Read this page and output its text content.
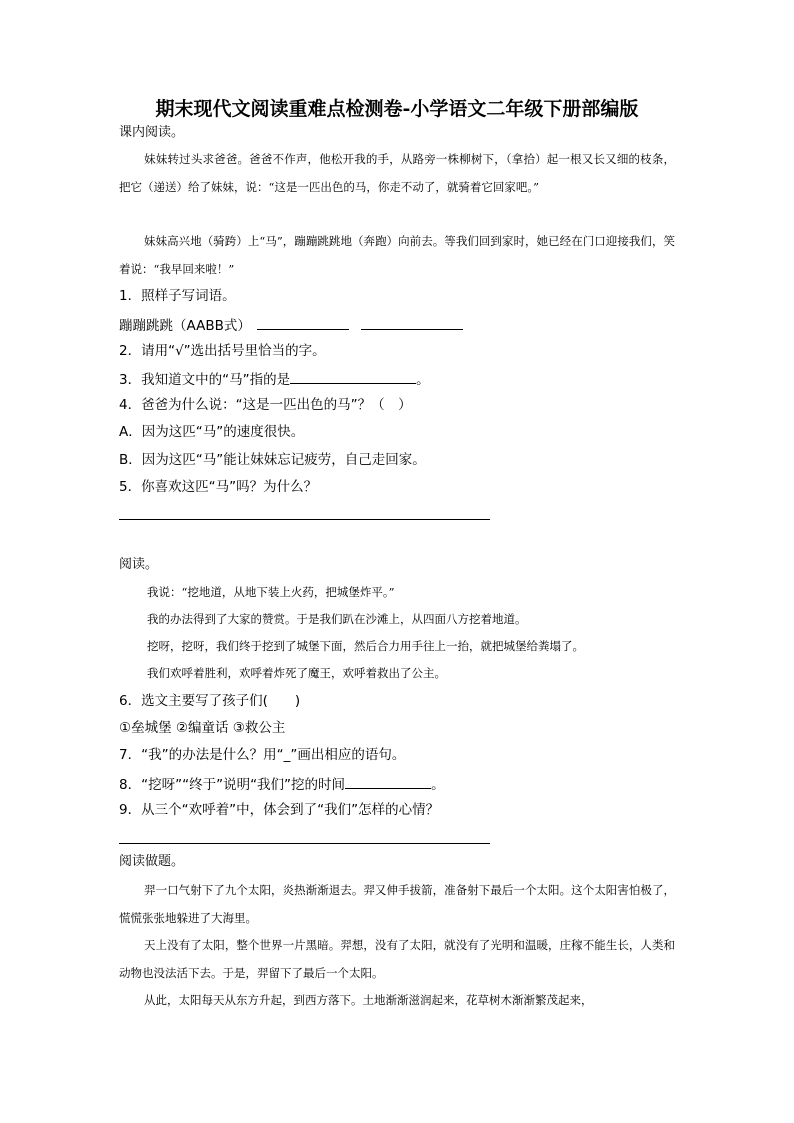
期末现代文阅读重难点检测卷-小学语文二年级下册部编版
课内阅读。
妹妹转过头求爸爸。爸爸不作声，他松开我的手，从路旁一株柳树下，（拿拾）起一根又长又细的枝条，把它（递送）给了妹妹，说：“这是一匹出色的马，你走不动了，就骑着它回家吧。”
妹妹高兴地（骑跨）上“马”，蹦蹦跳跳地（奔跑）向前去。等我们回到家时，她已经在门口迎接我们，笑着说：“我早回来啦！”
1．照样子写词语。
蹦蹦跳跳（AABB式）
2．请用“√”选出括号里恰当的字。
3．我知道文中的“马”指的是	。
4．爸爸为什么说：“这是一匹出色的马”？（　）
A．因为这匹“马”的速度很快。
B．因为这匹“马”能让妹妹忘记疲劳，自己走回家。
5．你喜欢这匹“马”吗？为什么？
阅读。
我说：“挖地道，从地下装上火药，把城堡炸平。”
我的办法得到了大家的赞赏。于是我们趴在沙滩上，从四面八方挖着地道。
挖呀，挖呀，我们终于挖到了城堡下面，然后合力用手往上一抬，就把城堡给粪塌了。
我们欢呼着胜利，欢呼着炸死了魔王，欢呼着救出了公主。
6．选文主要写了孩子们(　　)
①垒城堡 ②编童话 ③救公主
7．“我”的办法是什么？用“_”画出相应的语句。
8．“挖呀”“终于”说明“我们”挖的时间	。
9．从三个“欢呼着”中，体会到了“我们”怎样的心情？
阅读做题。
羿一口气射下了九个太阳，炎热渐渐退去。羿又伸手拔箭，准备射下最后一个太阳。这个太阳害怕极了，慌慌张张地躲进了大海里。
天上没有了太阳，整个世界一片黑暗。羿想，没有了太阳，就没有了光明和温暖，庄稼不能生长，人类和动物也没法活下去。于是，羿留下了最后一个太阳。
从此，太阳每天从东方升起，到西方落下。土地渐渐滋润起来，花草树木渐渐繁茂起来，
